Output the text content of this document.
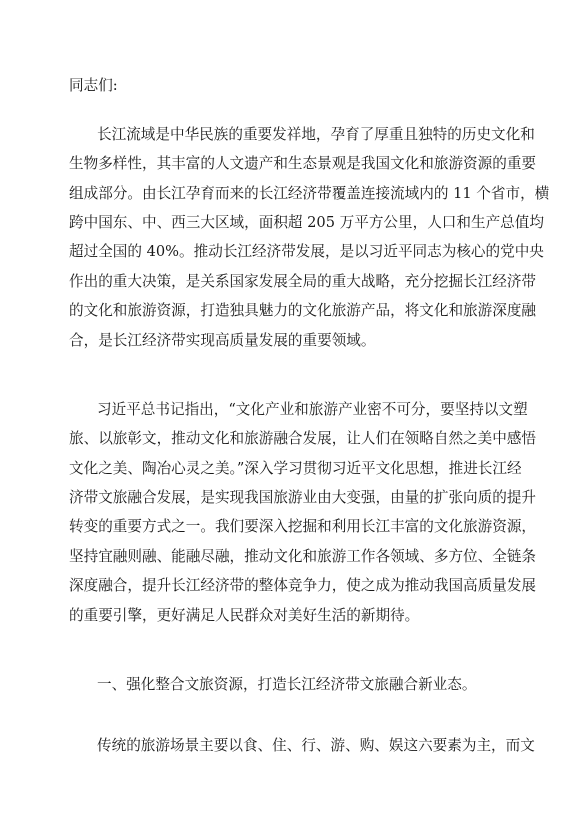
同志们:
长江流域是中华民族的重要发祥地，孕育了厚重且独特的历史文化和
生物多样性，其丰富的人文遗产和生态景观是我国文化和旅游资源的重要
组成部分。由长江孕育而来的长江经济带覆盖连接流域内的 11 个省市，横
跨中国东、中、西三大区域，面积超 205 万平方公里，人口和生产总值均
超过全国的 40%。推动长江经济带发展，是以习近平同志为核心的党中央
作出的重大决策，是关系国家发展全局的重大战略，充分挖掘长江经济带
的文化和旅游资源，打造独具魅力的文化旅游产品，将文化和旅游深度融
合，是长江经济带实现高质量发展的重要领域。
习近平总书记指出，“文化产业和旅游产业密不可分，要坚持以文塑
旅、以旅彰文，推动文化和旅游融合发展，让人们在领略自然之美中感悟
文化之美、陶冶心灵之美。”深入学习贯彻习近平文化思想，推进长江经
济带文旅融合发展，是实现我国旅游业由大变强，由量的扩张向质的提升
转变的重要方式之一。我们要深入挖掘和利用长江丰富的文化旅游资源，
坚持宜融则融、能融尽融，推动文化和旅游工作各领域、多方位、全链条
深度融合，提升长江经济带的整体竞争力，使之成为推动我国高质量发展
的重要引擎，更好满足人民群众对美好生活的新期待。
一、强化整合文旅资源，打造长江经济带文旅融合新业态。
传统的旅游场景主要以食、住、行、游、购、娱这六要素为主，而文
